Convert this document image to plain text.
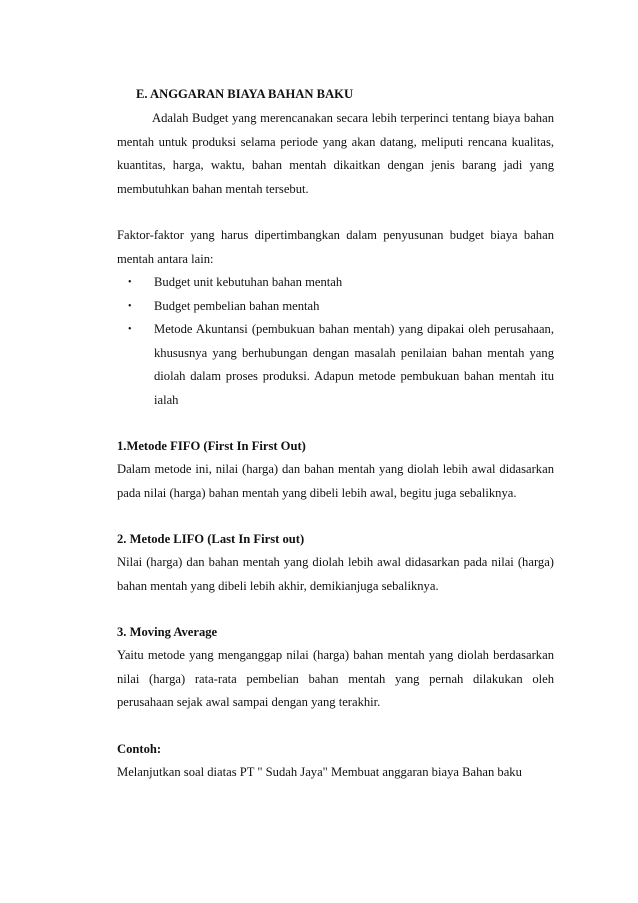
E. ANGGARAN BIAYA BAHAN BAKU

Adalah Budget yang merencanakan secara lebih terperinci tentang biaya bahan mentah untuk produksi selama periode yang akan datang, meliputi rencana kualitas, kuantitas, harga, waktu, bahan mentah dikaitkan dengan jenis barang jadi yang membutuhkan bahan mentah tersebut.

Faktor-faktor yang harus dipertimbangkan dalam penyusunan budget biaya bahan mentah antara lain:

• Budget unit kebutuhan bahan mentah
• Budget pembelian bahan mentah
• Metode Akuntansi (pembukuan bahan mentah) yang dipakai oleh perusahaan, khususnya yang berhubungan dengan masalah penilaian bahan mentah yang diolah dalam proses produksi. Adapun metode pembukuan bahan mentah itu ialah

1.Metode FIFO (First In First Out)

Dalam metode ini, nilai (harga) dan bahan mentah yang diolah lebih awal didasarkan pada nilai (harga) bahan mentah yang dibeli lebih awal, begitu juga sebaliknya.

2. Metode LIFO (Last In First out)

Nilai (harga) dan bahan mentah yang diolah lebih awal didasarkan pada nilai (harga) bahan mentah yang dibeli lebih akhir, demikianjuga sebaliknya.

3. Moving Average

Yaitu metode yang menganggap nilai (harga) bahan mentah yang diolah berdasarkan nilai (harga) rata-rata pembelian bahan mentah yang pernah dilakukan oleh perusahaan sejak awal sampai dengan yang terakhir.

Contoh:

Melanjutkan soal diatas PT " Sudah Jaya" Membuat anggaran biaya Bahan baku
